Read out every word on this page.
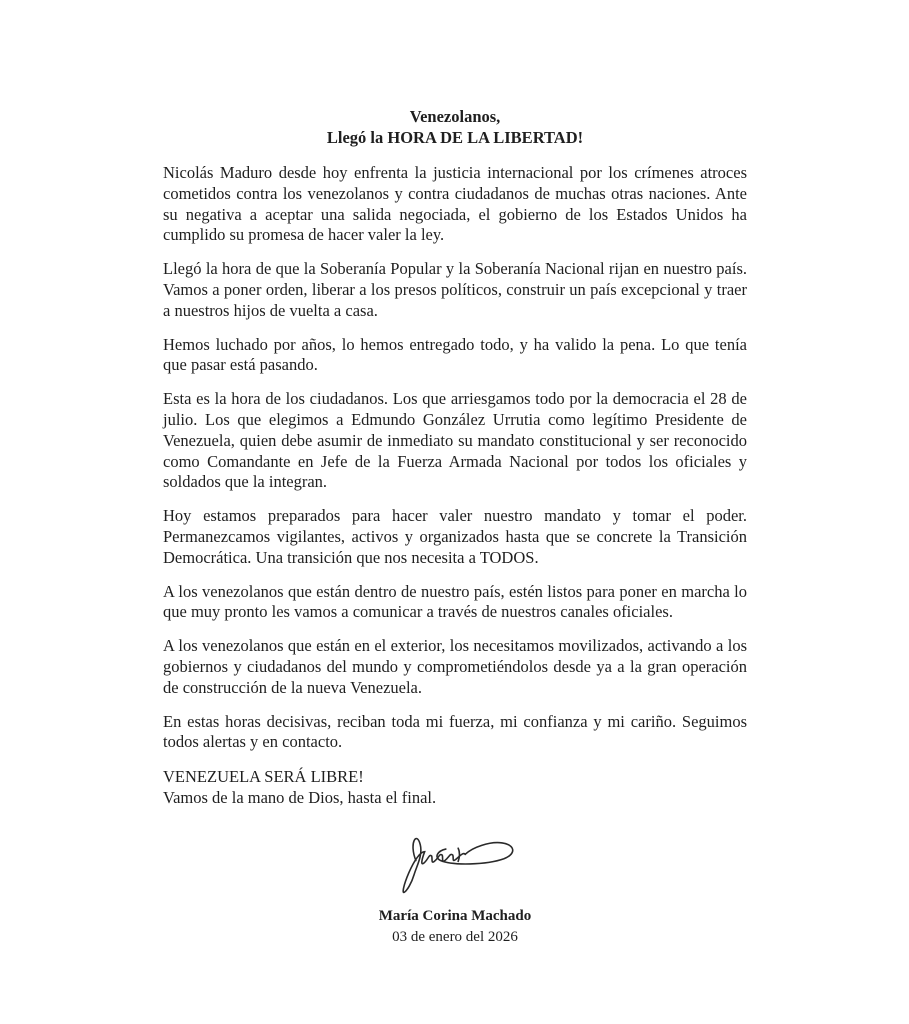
Venezolanos,
Llegó la HORA DE LA LIBERTAD!

Nicolás Maduro desde hoy enfrenta la justicia internacional por los crímenes atroces cometidos contra los venezolanos y contra ciudadanos de muchas otras naciones. Ante su negativa a aceptar una salida negociada, el gobierno de los Estados Unidos ha cumplido su promesa de hacer valer la ley.

Llegó la hora de que la Soberanía Popular y la Soberanía Nacional rijan en nuestro país. Vamos a poner orden, liberar a los presos políticos, construir un país excepcional y traer a nuestros hijos de vuelta a casa.

Hemos luchado por años, lo hemos entregado todo, y ha valido la pena. Lo que tenía que pasar está pasando.

Esta es la hora de los ciudadanos. Los que arriesgamos todo por la democracia el 28 de julio. Los que elegimos a Edmundo González Urrutia como legítimo Presidente de Venezuela, quien debe asumir de inmediato su mandato constitucional y ser reconocido como Comandante en Jefe de la Fuerza Armada Nacional por todos los oficiales y soldados que la integran.

Hoy estamos preparados para hacer valer nuestro mandato y tomar el poder. Permanezcamos vigilantes, activos y organizados hasta que se concrete la Transición Democrática. Una transición que nos necesita a TODOS.

A los venezolanos que están dentro de nuestro país, estén listos para poner en marcha lo que muy pronto les vamos a comunicar a través de nuestros canales oficiales.

A los venezolanos que están en el exterior, los necesitamos movilizados, activando a los gobiernos y ciudadanos del mundo y comprometiéndolos desde ya a la gran operación de construcción de la nueva Venezuela.

En estas horas decisivas, reciban toda mi fuerza, mi confianza y mi cariño. Seguimos todos alertas y en contacto.

VENEZUELA SERÁ LIBRE!
Vamos de la mano de Dios, hasta el final.
María Corina Machado
03 de enero del 2026
